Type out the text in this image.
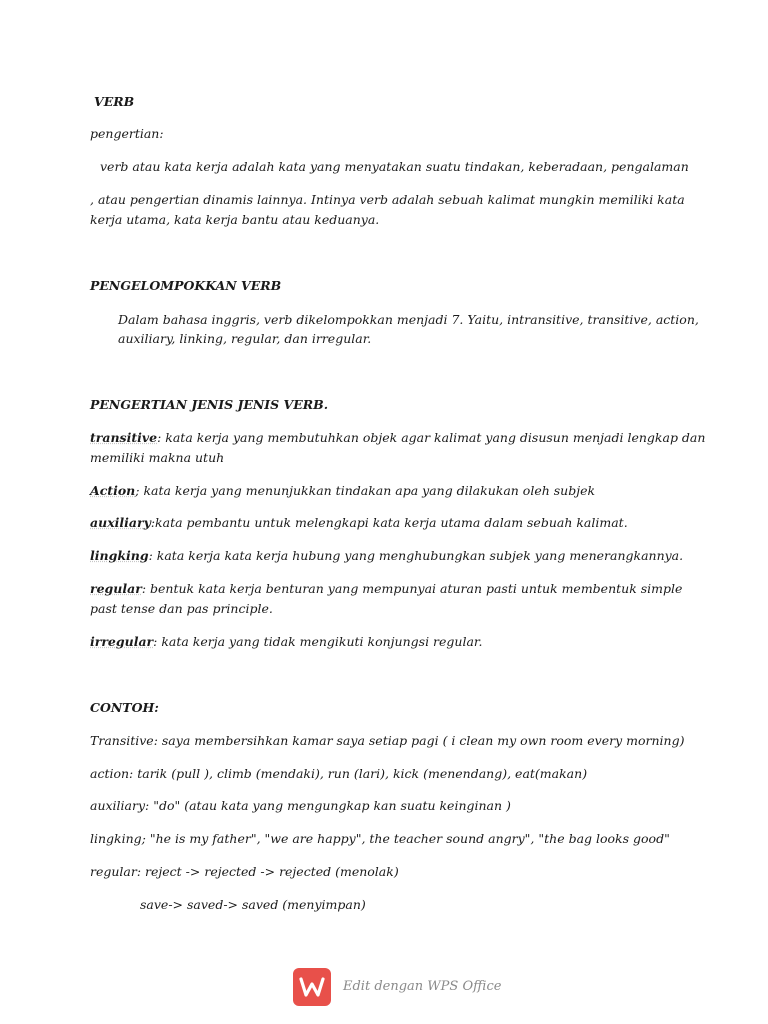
VERB
pengertian:
verb atau kata kerja adalah kata yang menyatakan suatu tindakan, keberadaan, pengalaman
, atau pengertian dinamis lainnya. Intinya verb adalah sebuah kalimat mungkin memiliki kata
kerja utama, kata kerja bantu atau keduanya.
PENGELOMPOKKAN VERB
Dalam bahasa inggris, verb dikelompokkan menjadi 7. Yaitu, intransitive, transitive, action,
auxiliary, linking, regular, dan irregular.
PENGERTIAN JENIS JENIS VERB.
transitive: kata kerja yang membutuhkan objek agar kalimat yang disusun menjadi lengkap dan
memiliki makna utuh
Action; kata kerja yang menunjukkan tindakan apa yang dilakukan oleh subjek
auxiliary:kata pembantu untuk melengkapi kata kerja utama dalam sebuah kalimat.
lingking: kata kerja kata kerja hubung yang menghubungkan subjek yang menerangkannya.
regular: bentuk kata kerja benturan yang mempunyai aturan pasti untuk membentuk simple
past tense dan pas principle.
irregular: kata kerja yang tidak mengikuti konjungsi regular.
CONTOH:
Transitive: saya membersihkan kamar saya setiap pagi ( i clean my own room every morning)
action: tarik (pull ), climb (mendaki), run (lari), kick (menendang), eat(makan)
auxiliary: "do" (atau kata yang mengungkap kan suatu keinginan )
lingking; "he is my father", "we are happy", the teacher sound angry", "the bag looks good"
regular: reject -> rejected -> rejected (menolak)
save-> saved-> saved (menyimpan)
Edit dengan WPS Office
